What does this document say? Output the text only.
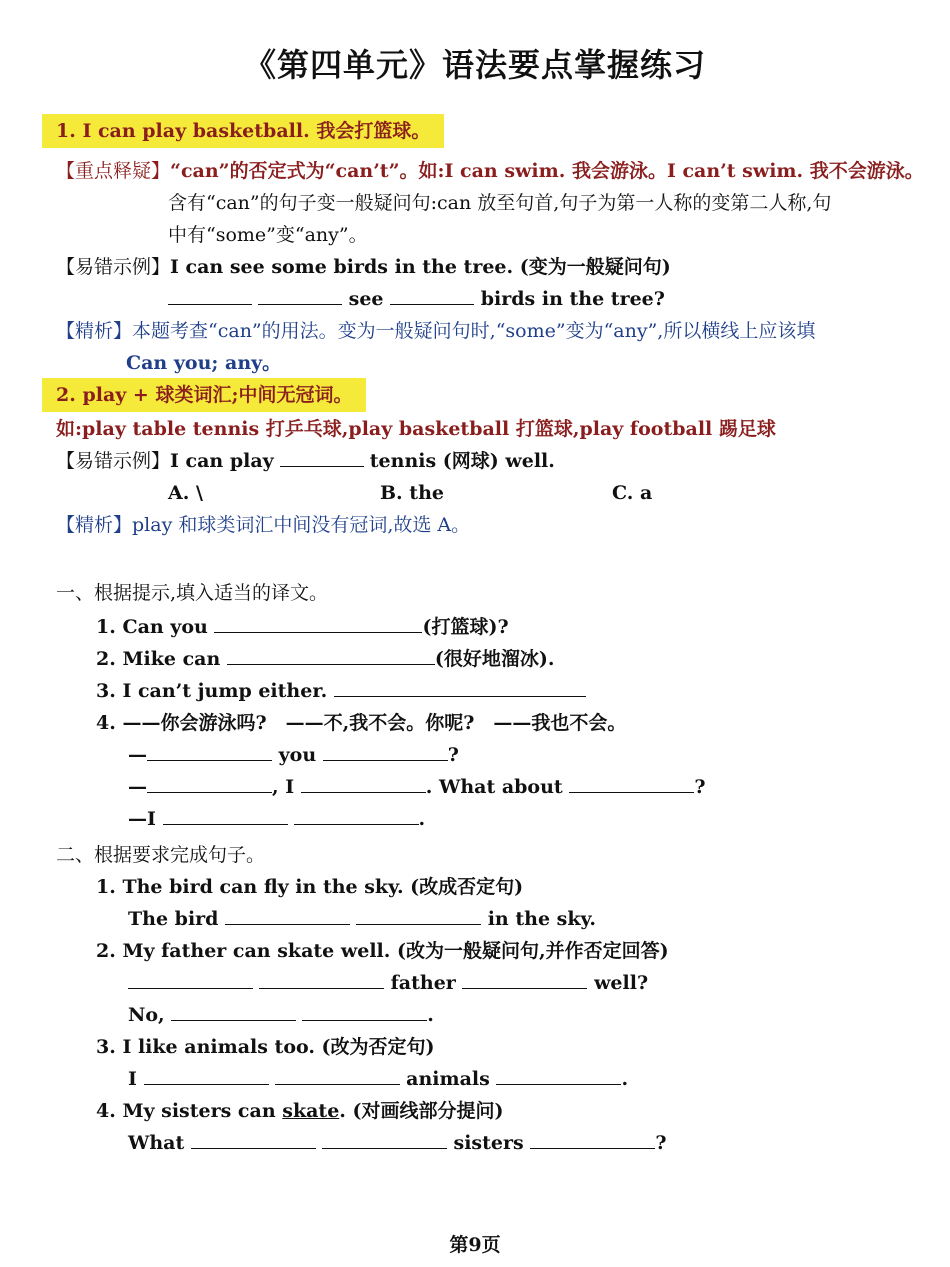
《第四单元》语法要点掌握练习
1. I can play basketball. 我会打篮球。
【重点释疑】“can”的否定式为“can’t”。如:I can swim. 我会游泳。I can’t swim. 我不会游泳。
含有“can”的句子变一般疑问句:can 放至句首,句子为第一人称的变第二人称,句
中有“some”变“any”。
【易错示例】I can see some birds in the tree. (变为一般疑问句)
see	birds in the tree?
【精析】本题考查“can”的用法。变为一般疑问句时,“some”变为“any”,所以横线上应该填
Can you; any。
2. play + 球类词汇;中间无冠词。
如:play table tennis 打乒乓球,play basketball 打篮球,play football 踢足球
【易错示例】I can play	tennis (网球) well.
A. \	B. the	C. a
【精析】play 和球类词汇中间没有冠词,故选 A。
一、根据提示,填入适当的译文。
1. Can you	(打篮球)?
2. Mike can	(很好地溜冰).
3. I can’t jump either.
4. ——你会游泳吗?　——不,我不会。你呢?　——我也不会。
—	you	?
—	, I	. What about	?
—I	.
二、根据要求完成句子。
1. The bird can fly in the sky. (改成否定句)
The bird	in the sky.
2. My father can skate well. (改为一般疑问句,并作否定回答)
father	well?
No,	.
3. I like animals too. (改为否定句)
I	animals	.
4. My sisters can skate. (对画线部分提问)
What	sisters	?
第9页
